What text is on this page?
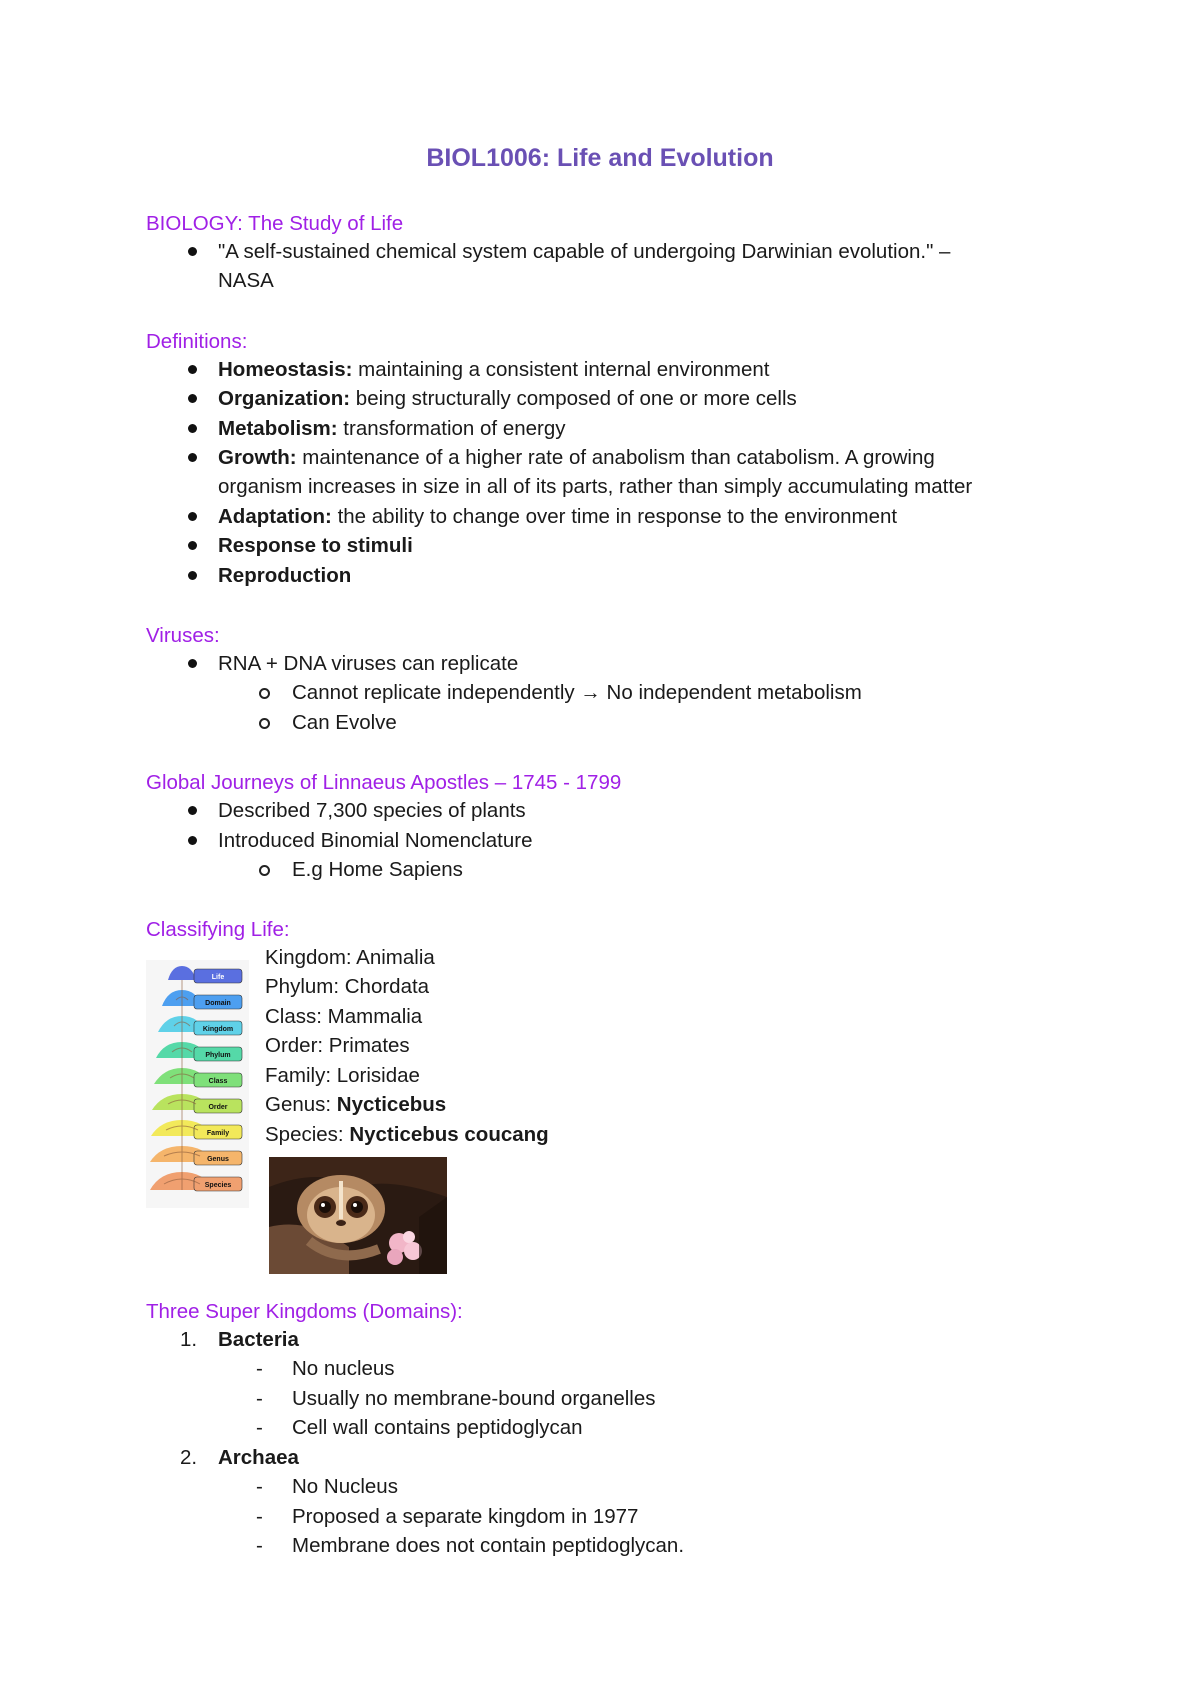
BIOL1006: Life and Evolution

BIOLOGY: The Study of Life

"A self-sustained chemical system capable of undergoing Darwinian evolution." –
NASA

Definitions:

Homeostasis: maintaining a consistent internal environment
Organization: being structurally composed of one or more cells
Metabolism: transformation of energy
Growth: maintenance of a higher rate of anabolism than catabolism. A growing
organism increases in size in all of its parts, rather than simply accumulating matter
Adaptation: the ability to change over time in response to the environment
Response to stimuli
Reproduction

Viruses:

RNA + DNA viruses can replicate
Cannot replicate independently → No independent metabolism
Can Evolve

Global Journeys of Linnaeus Apostles – 1745 - 1799

Described 7,300 species of plants
Introduced Binomial Nomenclature
E.g Home Sapiens

Classifying Life:

Kingdom: Animalia
Phylum: Chordata
Class: Mammalia
Order: Primates
Family: Lorisidae
Genus: Nycticebus
Species: Nycticebus coucang
Life
Domain
Kingdom
Phylum
Class
Order
Family
Genus
Species

Three Super Kingdoms (Domains):

1. Bacteria
- No nucleus
- Usually no membrane-bound organelles
- Cell wall contains peptidoglycan
2. Archaea
- No Nucleus
- Proposed a separate kingdom in 1977
- Membrane does not contain peptidoglycan.
